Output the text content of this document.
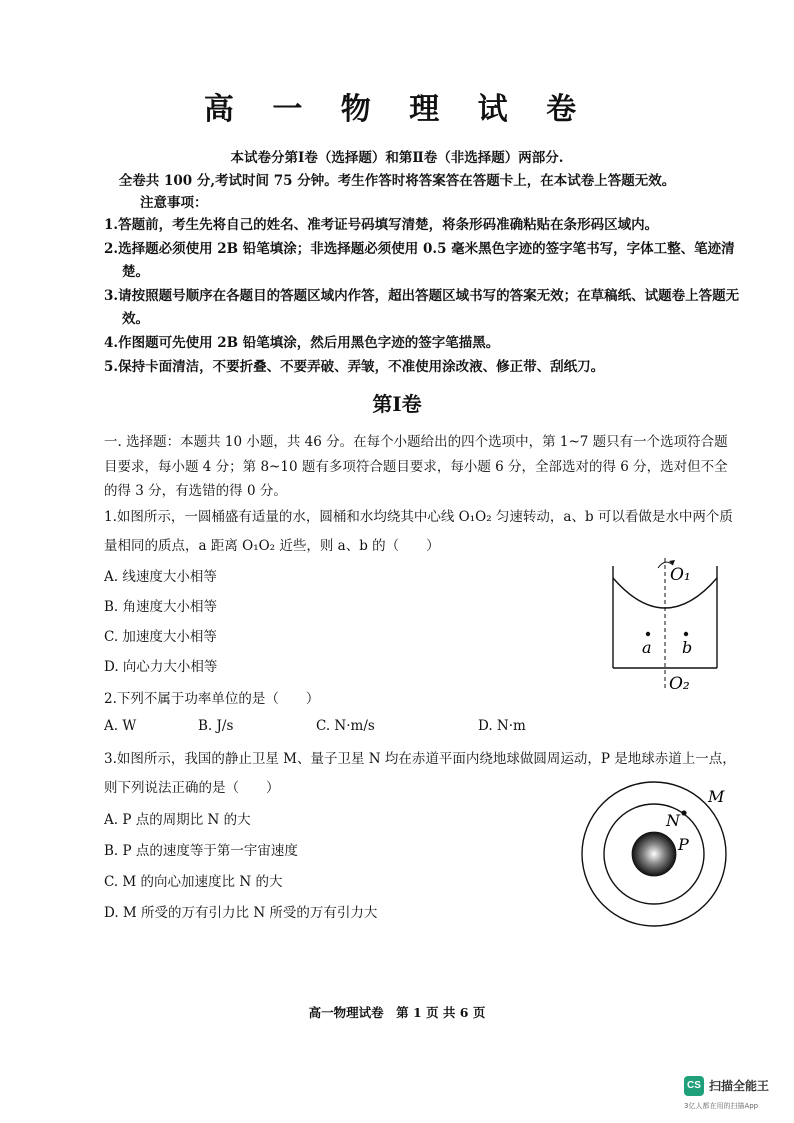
高 一 物 理 试 卷
本试卷分第Ⅰ卷（选择题）和第Ⅱ卷（非选择题）两部分.
全卷共 100 分,考试时间 75 分钟。考生作答时将答案答在答题卡上，在本试卷上答题无效。
注意事项：
1.答题前，考生先将自己的姓名、准考证号码填写清楚，将条形码准确粘贴在条形码区域内。
2.选择题必须使用 2B 铅笔填涂；非选择题必须使用 0.5 毫米黑色字迹的签字笔书写，字体工整、笔迹清楚。
3.请按照题号顺序在各题目的答题区域内作答，超出答题区域书写的答案无效；在草稿纸、试题卷上答题无效。
4.作图题可先使用 2B 铅笔填涂，然后用黑色字迹的签字笔描黑。
5.保持卡面清洁，不要折叠、不要弄破、弄皱，不准使用涂改液、修正带、刮纸刀。
第Ⅰ卷
一. 选择题：本题共 10 小题，共 46 分。在每个小题给出的四个选项中，第 1~7 题只有一个选项符合题目要求，每小题 4 分；第 8~10 题有多项符合题目要求，每小题 6 分，全部选对的得 6 分，选对但不全的得 3 分，有选错的得 0 分。
1.如图所示，一圆桶盛有适量的水，圆桶和水均绕其中心线 O₁O₂ 匀速转动，a、b 可以看做是水中两个质量相同的质点，a 距离 O₁O₂ 近些，则 a、b 的（　　）
A. 线速度大小相等
B. 角速度大小相等
C. 加速度大小相等
D. 向心力大小相等
O₁
O₂
a b
2.下列不属于功率单位的是（　　）
A. W	B. J/s	C. N·m/s	D. N·m
3.如图所示，我国的静止卫星 M、量子卫星 N 均在赤道平面内绕地球做圆周运动，P 是地球赤道上一点，则下列说法正确的是（　　）
A. P 点的周期比 N 的大
B. P 点的速度等于第一宇宙速度
C. M 的向心加速度比 N 的大
D. M 所受的万有引力比 N 所受的万有引力大
M
N
P
高一物理试卷　第 1 页 共 6 页
CS 扫描全能王
3亿人都在用的扫描App
